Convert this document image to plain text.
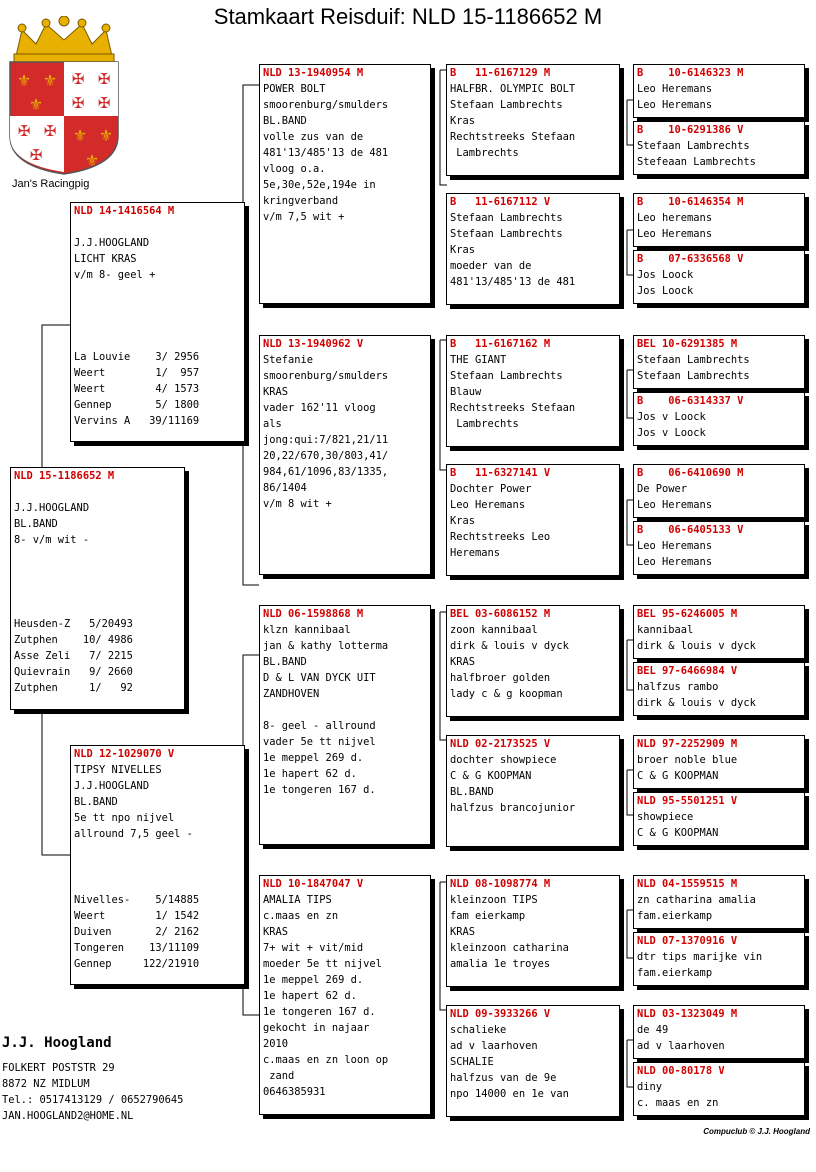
Stamkaart Reisduif: NLD 15-1186652 M
⚜ ⚜
⚜
⚜ ⚜
⚜
✠ ✠
✠ ✠
✠ ✠
✠
Jan's Racingpig
NLD 15-1186652 M
J.J.HOOGLAND
BL.BAND
8- v/m wit -
Heusden-Z   5/20493
Zutphen    10/ 4986
Asse Zeli   7/ 2215
Quievrain   9/ 2660
Zutphen     1/   92
NLD 14-1416564 M
J.J.HOOGLAND
LICHT KRAS
v/m 8- geel +
La Louvie    3/ 2956
Weert        1/  957
Weert        4/ 1573
Gennep       5/ 1800
Vervins A   39/11169
NLD 12-1029070 V
TIPSY NIVELLES
J.J.HOOGLAND
BL.BAND
5e tt npo nijvel
allround 7,5 geel -
Nivelles-    5/14885
Weert        1/ 1542
Duiven       2/ 2162
Tongeren    13/11109
Gennep     122/21910
NLD 13-1940954 M
POWER BOLT
smoorenburg/smulders
BL.BAND
volle zus van de
481'13/485'13 de 481
vloog o.a.
5e,30e,52e,194e in
kringverband
v/m 7,5 wit +
NLD 13-1940962 V
Stefanie
smoorenburg/smulders
KRAS
vader 162'11 vloog
als
jong:qui:7/821,21/11
20,22/670,30/803,41/
984,61/1096,83/1335,
86/1404
v/m 8 wit +
NLD 06-1598868 M
klzn kannibaal
jan & kathy lotterma
BL.BAND
D & L VAN DYCK UIT
ZANDHOVEN
8- geel - allround
vader 5e tt nijvel
1e meppel 269 d.
1e hapert 62 d.
1e tongeren 167 d.
NLD 10-1847047 V
AMALIA TIPS
c.maas en zn
KRAS
7+ wit + vit/mid
moeder 5e tt nijvel
1e meppel 269 d.
1e hapert 62 d.
1e tongeren 167 d.
gekocht in najaar
2010
c.maas en zn loon op
zand
0646385931
B   11-6167129 M
HALFBR. OLYMPIC BOLT
Stefaan Lambrechts
Kras
Rechtstreeks Stefaan
Lambrechts
B   11-6167112 V
Stefaan Lambrechts
Stefaan Lambrechts
Kras
moeder van de
481'13/485'13 de 481
B   11-6167162 M
THE GIANT
Stefaan Lambrechts
Blauw
Rechtstreeks Stefaan
Lambrechts
B   11-6327141 V
Dochter Power
Leo Heremans
Kras
Rechtstreeks Leo
Heremans
BEL 03-6086152 M
zoon kannibaal
dirk & louis v dyck
KRAS
halfbroer golden
lady c & g koopman
NLD 02-2173525 V
dochter showpiece
C & G KOOPMAN
BL.BAND
halfzus brancojunior
NLD 08-1098774 M
kleinzoon TIPS
fam eierkamp
KRAS
kleinzoon catharina
amalia 1e troyes
NLD 09-3933266 V
schalieke
ad v laarhoven
SCHALIE
halfzus van de 9e
npo 14000 en 1e van
B    10-6146323 M
Leo Heremans
Leo Heremans
B    10-6291386 V
Stefaan Lambrechts
Stefeaan Lambrechts
B    10-6146354 M
Leo heremans
Leo Heremans
B    07-6336568 V
Jos Loock
Jos Loock
BEL 10-6291385 M
Stefaan Lambrechts
Stefaan Lambrechts
B    06-6314337 V
Jos v Loock
Jos v Loock
B    06-6410690 M
De Power
Leo Heremans
B    06-6405133 V
Leo Heremans
Leo Heremans
BEL 95-6246005 M
kannibaal
dirk & louis v dyck
BEL 97-6466984 V
halfzus rambo
dirk & louis v dyck
NLD 97-2252909 M
broer noble blue
C & G KOOPMAN
NLD 95-5501251 V
showpiece
C & G KOOPMAN
NLD 04-1559515 M
zn catharina amalia
fam.eierkamp
NLD 07-1370916 V
dtr tips marijke vin
fam.eierkamp
NLD 03-1323049 M
de 49
ad v laarhoven
NLD 00-80178 V
diny
c. maas en zn
J.J. Hoogland
FOLKERT POSTSTR 29
8872 NZ MIDLUM
Tel.: 0517413129 / 0652790645
JAN.HOOGLAND2@HOME.NL
Compuclub © J.J. Hoogland
